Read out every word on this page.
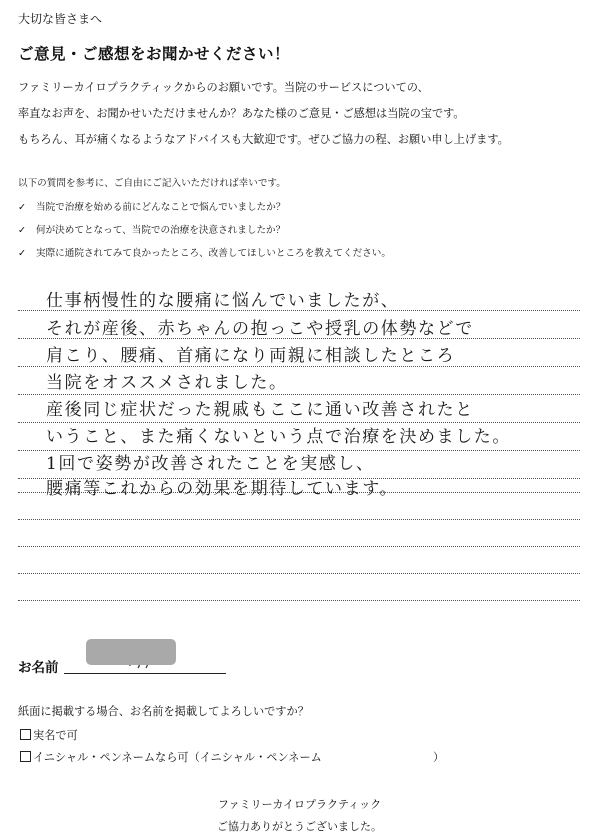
大切な皆さまへ
ご意見・ご感想をお聞かせください！
ファミリーカイロプラクティックからのお願いです。当院のサービスについての、
率直なお声を、お聞かせいただけませんか？あなた様のご意見・ご感想は当院の宝です。
もちろん、耳が痛くなるようなアドバイスも大歓迎です。ぜひご協力の程、お願い申し上げます。
以下の質問を参考に、ご自由にご記入いただければ幸いです。
✓ 当院で治療を始める前にどんなことで悩んでいましたか？
✓ 何が決めてとなって、当院での治療を決意されましたか？
✓ 実際に通院されてみて良かったところ、改善してほしいところを教えてください。
仕事柄慢性的な腰痛に悩んでいましたが、
それが産後、赤ちゃんの抱っこや授乳の体勢などで
肩こり、腰痛、首痛になり両親に相談したところ
当院をオススメされました。
産後同じ症状だった親戚もここに通い改善されたと
いうこと、また痛くないという点で治療を決めました。
1回で姿勢が改善されたことを実感し、
腰痛等これからの効果を期待しています。
お名前
紙面に掲載する場合、お名前を掲載してよろしいですか？
実名で可
イニシャル・ペンネームなら可（イニシャル・ペンネーム	）
ファミリーカイロプラクティック
ご協力ありがとうございました。
